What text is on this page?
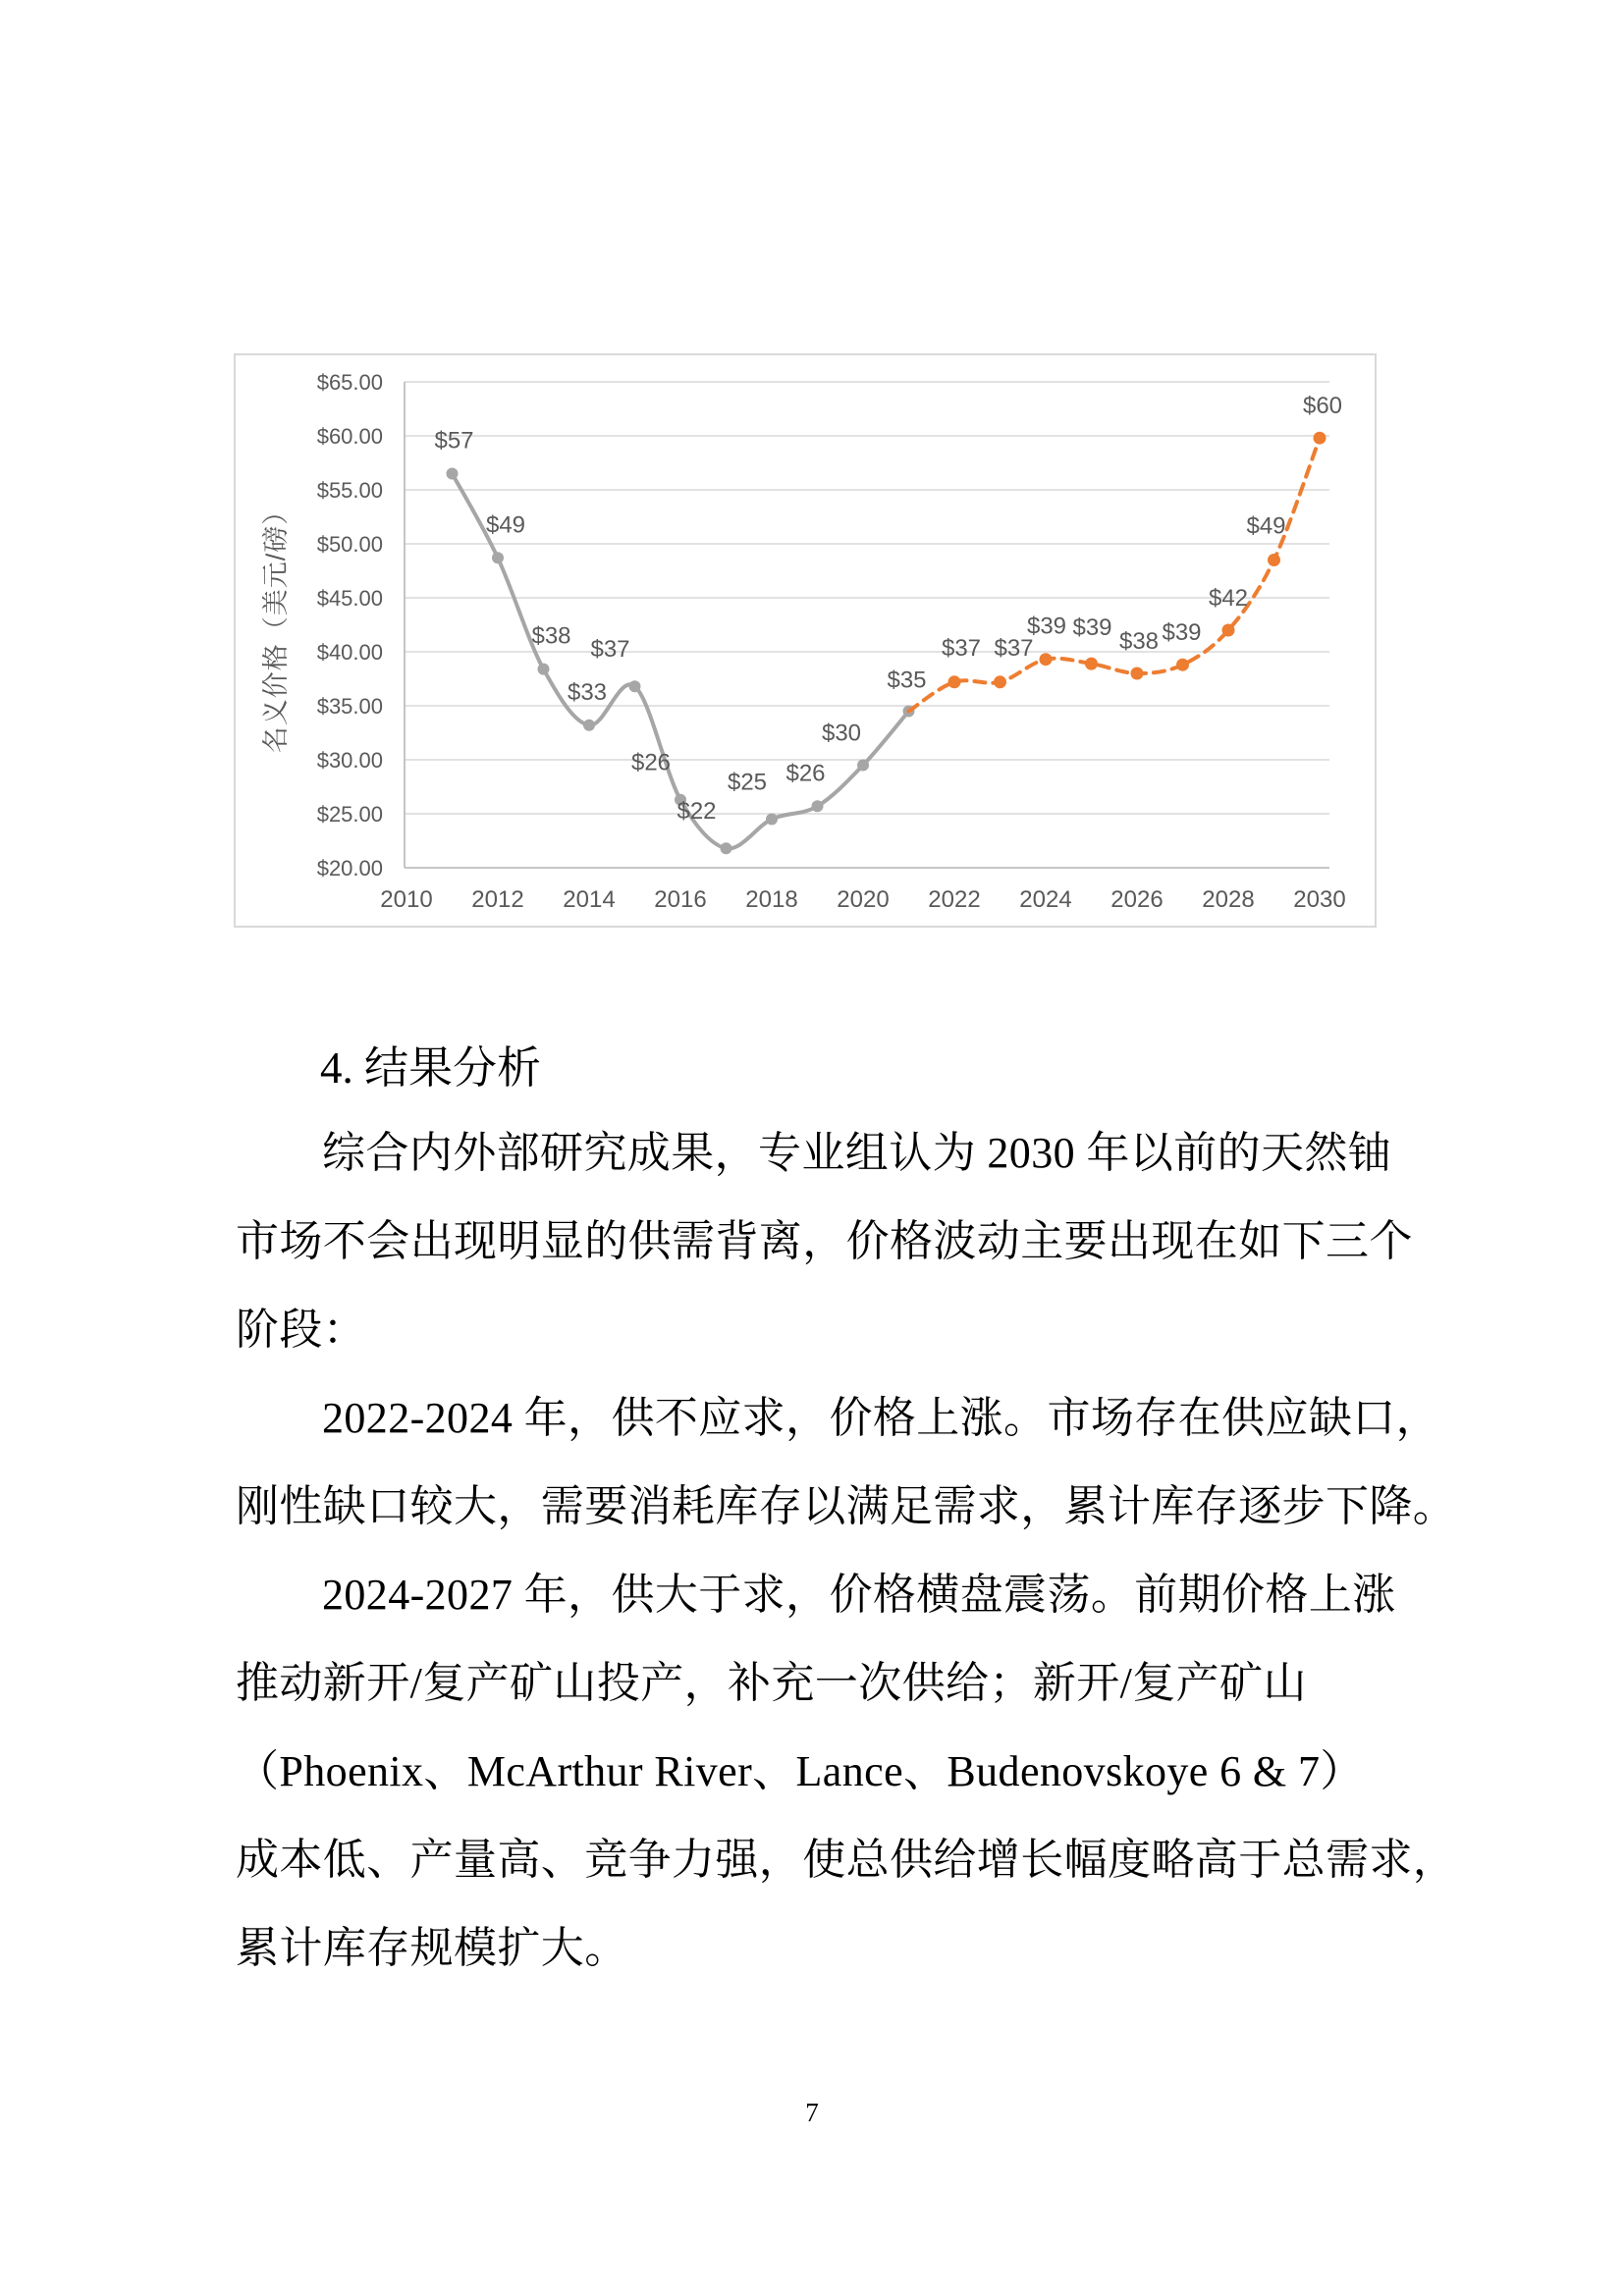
$20.00
$25.00
$30.00
$35.00
$40.00
$45.00
$50.00
$55.00
$60.00
$65.00
2010 2012 2014 2016 2018 2020 2022 2024 2026 2028 2030
名义价格（美元/磅）
$57
$49
$38
$33
$37
$26
$22
$25 $26
$30
$35
$37 $37
$39 $39
$38 $39
$42
$49
$60
4. 结果分析
综合内外部研究成果，专业组认为 2030 年以前的天然铀
市场不会出现明显的供需背离，价格波动主要出现在如下三个
阶段：
2022-2024 年，供不应求，价格上涨。市场存在供应缺口，
刚性缺口较大，需要消耗库存以满足需求，累计库存逐步下降。
2024-2027 年，供大于求，价格横盘震荡。前期价格上涨
推动新开/复产矿山投产，补充一次供给；新开/复产矿山
（Phoenix、McArthur River、Lance、Budenovskoye 6 & 7）
成本低、产量高、竞争力强，使总供给增长幅度略高于总需求，
累计库存规模扩大。
7
